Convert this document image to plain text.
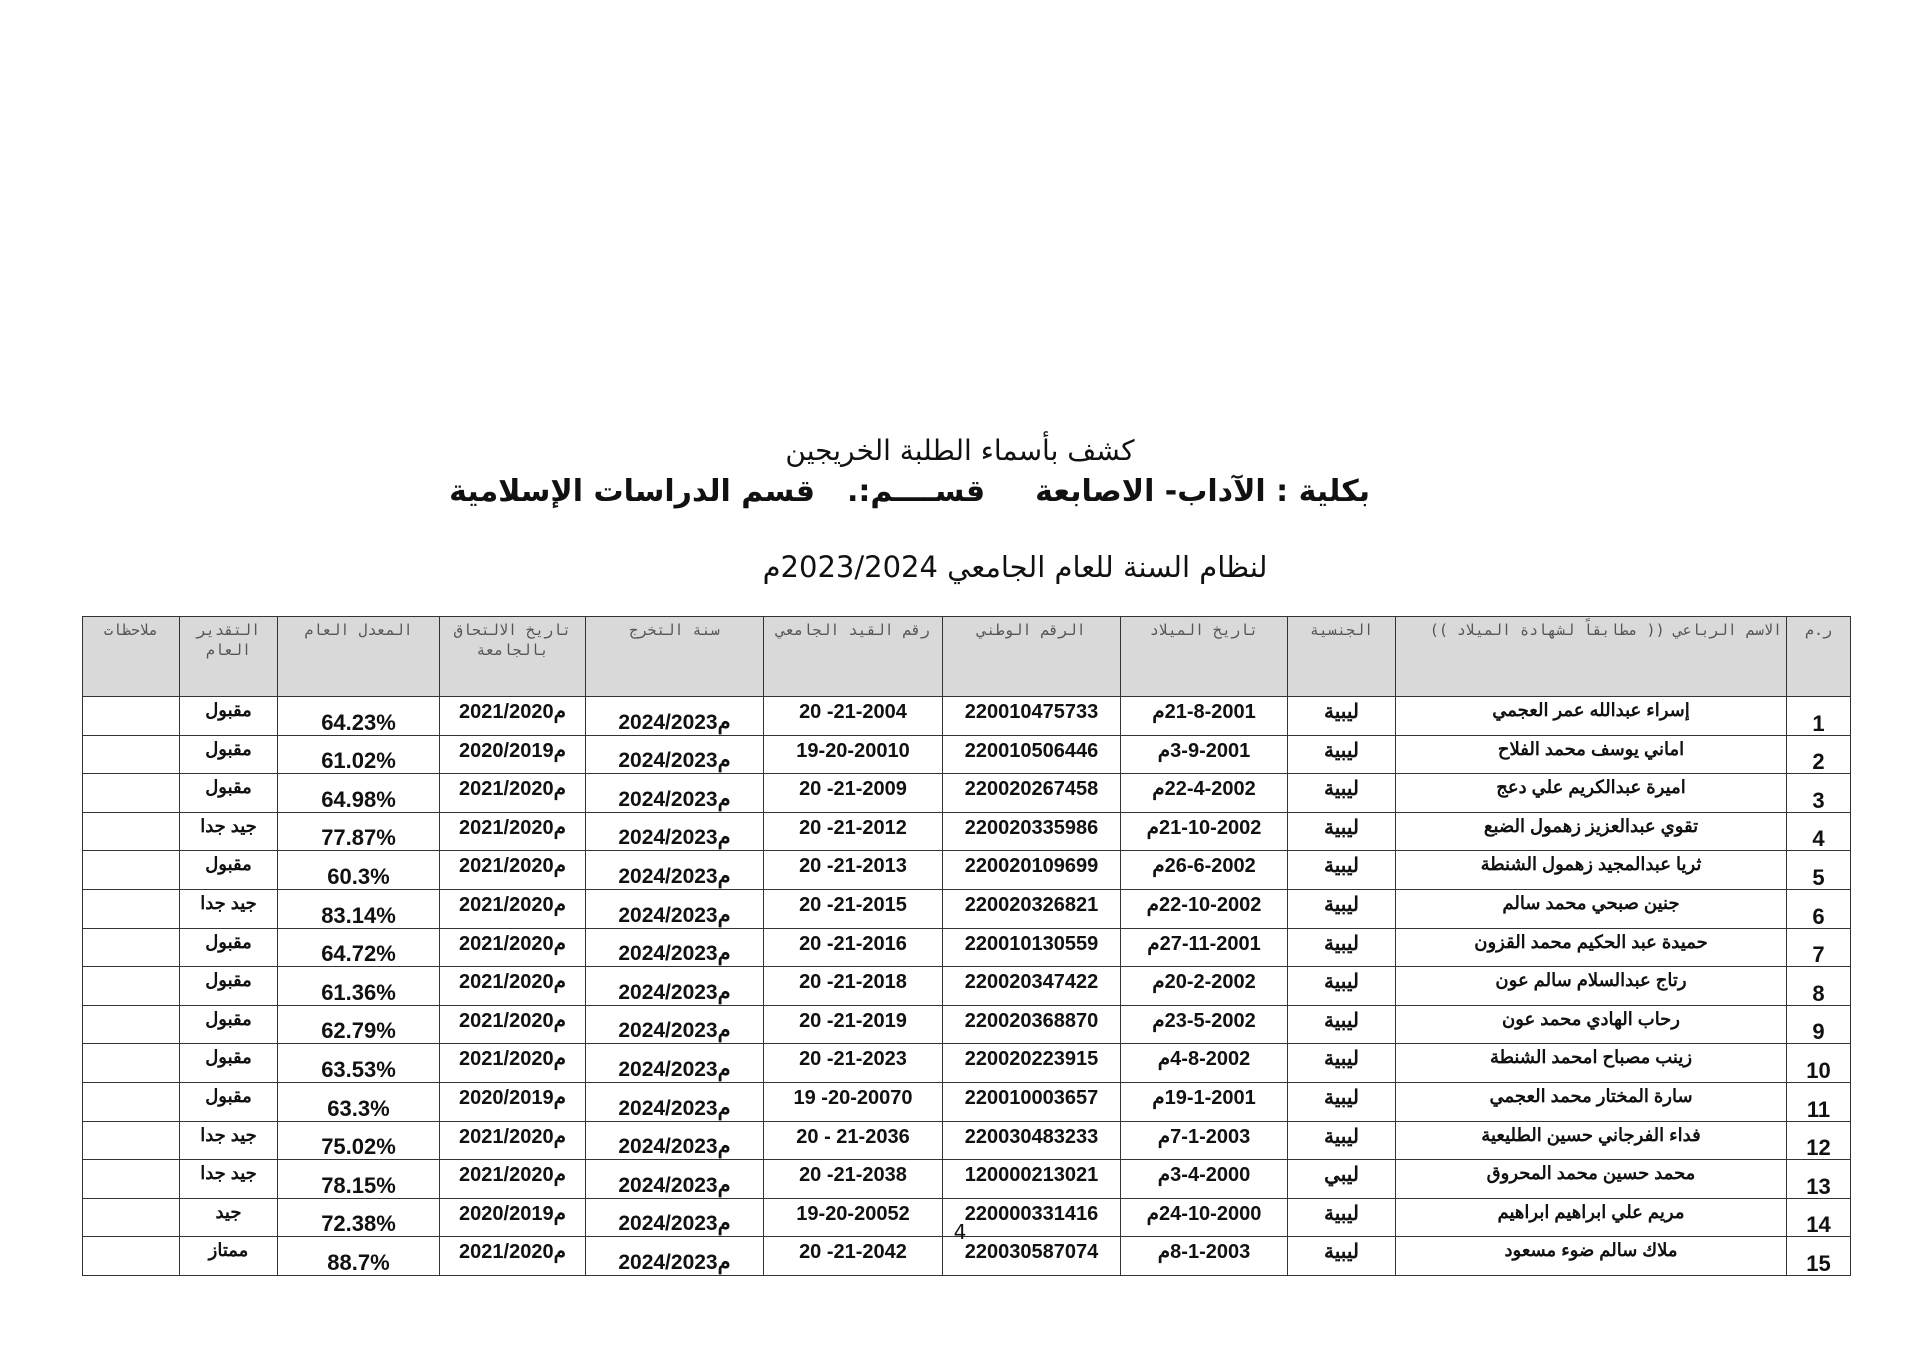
كشف بأسماء الطلبة الخريجين
بكلية : الآداب- الاصابعة
قســــم:.
قسم الدراسات الإسلامية
لنظام السنة للعام الجامعي 2023/2024م
ر.م	الاسم الرباعي (( مطابقاً لشهادة الميلاد ))	الجنسية	تاريخ الميلاد	الرقم الوطني	رقم القيد الجامعي	سنة التخرج	تاريخ الالتحاق بالجامعة	المعدل العام	التقدير العام	ملاحظات
1	إسراء عبدالله عمر العجمي	ليبية	21-8-2001م	220010475733	20 -21-2004	2024/2023م	2021/2020م	64.23%	مقبول	
2	اماني يوسف محمد الفلاح	ليبية	3-9-2001م	220010506446	19-20-20010	2024/2023م	2020/2019م	61.02%	مقبول	
3	اميرة عبدالكريم علي دعج	ليبية	22-4-2002م	220020267458	20 -21-2009	2024/2023م	2021/2020م	64.98%	مقبول	
4	تقوي عبدالعزيز زهمول الضبع	ليبية	21-10-2002م	220020335986	20 -21-2012	2024/2023م	2021/2020م	77.87%	جيد جدا	
5	ثريا عبدالمجيد زهمول الشنطة	ليبية	26-6-2002م	220020109699	20 -21-2013	2024/2023م	2021/2020م	60.3%	مقبول	
6	جنين صبحي محمد سالم	ليبية	22-10-2002م	220020326821	20 -21-2015	2024/2023م	2021/2020م	83.14%	جيد جدا	
7	حميدة عبد الحكيم محمد القزون	ليبية	27-11-2001م	220010130559	20 -21-2016	2024/2023م	2021/2020م	64.72%	مقبول	
8	رتاج عبدالسلام سالم عون	ليبية	20-2-2002م	220020347422	20 -21-2018	2024/2023م	2021/2020م	61.36%	مقبول	
9	رحاب الهادي محمد عون	ليبية	23-5-2002م	220020368870	20 -21-2019	2024/2023م	2021/2020م	62.79%	مقبول	
10	زينب مصباح امحمد الشنطة	ليبية	4-8-2002م	220020223915	20 -21-2023	2024/2023م	2021/2020م	63.53%	مقبول	
11	سارة المختار محمد العجمي	ليبية	19-1-2001م	220010003657	19 -20-20070	2024/2023م	2020/2019م	63.3%	مقبول	
12	فداء الفرجاني حسين الطليعية	ليبية	7-1-2003م	220030483233	20 - 21-2036	2024/2023م	2021/2020م	75.02%	جيد جدا	
13	محمد حسين محمد المحروق	ليبي	3-4-2000م	120000213021	20 -21-2038	2024/2023م	2021/2020م	78.15%	جيد جدا	
14	مريم علي ابراهيم ابراهيم	ليبية	24-10-2000م	220000331416	19-20-20052	2024/2023م	2020/2019م	72.38%	جيد	
15	ملاك سالم ضوء مسعود	ليبية	8-1-2003م	220030587074	20 -21-2042	2024/2023م	2021/2020م	88.7%	ممتاز	
4
